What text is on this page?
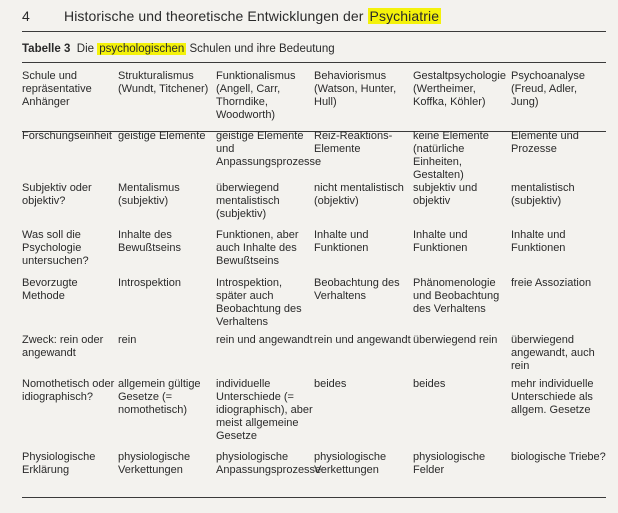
4 Historische und theoretische Entwicklungen der Psychiatrie
Tabelle 3 Die psychologischen Schulen und ihre Bedeutung
Schule und repräsentative Anhänger	Strukturalismus (Wundt, Titchener)	Funktionalismus (Angell, Carr, Thorndike, Woodworth)	Behaviorismus (Watson, Hunter, Hull)	Gestaltpsychologie (Wertheimer, Koffka, Köhler)	Psychoanalyse (Freud, Adler, Jung)
Forschungseinheit	geistige Elemente	geistige Elemente und Anpassungsprozesse	Reiz-Reaktions-Elemente	keine Elemente (natürliche Einheiten, Gestalten)	Elemente und Prozesse
Subjektiv oder objektiv?	Mentalismus (subjektiv)	überwiegend mentalistisch (subjektiv)	nicht mentalistisch (objektiv)	subjektiv und objektiv	mentalistisch (subjektiv)
Was soll die Psychologie untersuchen?	Inhalte des Bewußtseins	Funktionen, aber auch Inhalte des Bewußtseins	Inhalte und Funktionen	Inhalte und Funktionen	Inhalte und Funktionen
Bevorzugte Methode	Introspektion	Introspektion, später auch Beobachtung des Verhaltens	Beobachtung des Verhaltens	Phänomenologie und Beobachtung des Verhaltens	freie Assoziation
Zweck: rein oder angewandt	rein	rein und angewandt	rein und angewandt	überwiegend rein	überwiegend angewandt, auch rein
Nomothetisch oder idiographisch?	allgemein gültige Gesetze (= nomothetisch)	individuelle Unterschiede (= idiographisch), aber meist allgemeine Gesetze	beides	beides	mehr individuelle Unterschiede als allgem. Gesetze
Physiologische Erklärung	physiologische Verkettungen	physiologische Anpassungsprozesse	physiologische Verkettungen	physiologische Felder	biologische Triebe?
